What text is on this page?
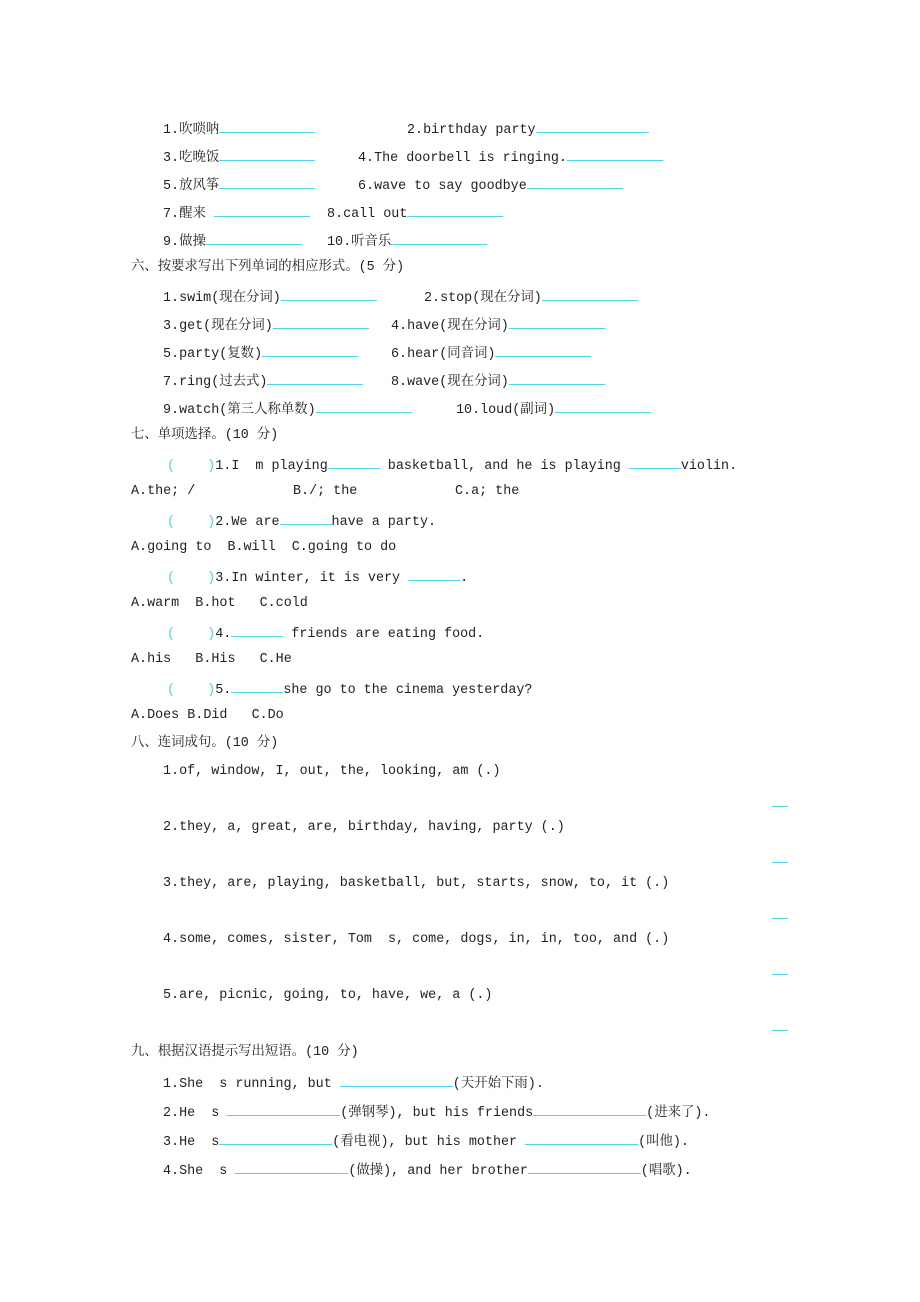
1.吹唢呐	2.birthday party
3.吃晚饭	4.The doorbell is ringing.
5.放风筝	6.wave to say goodbye
7.醒来	8.call out
9.做操	10.听音乐
六、按要求写出下列单词的相应形式。(5 分)
1.swim(现在分词)	2.stop(现在分词)
3.get(现在分词)	4.have(现在分词)
5.party(复数)	6.hear(同音词)
7.ring(过去式)	8.wave(现在分词)
9.watch(第三人称单数)	10.loud(副词)
七、单项选择。(10 分)
( )1.I  m playing	basketball, and he is playing	violin.
A.the; /	B./; the	C.a; the
( )2.We are	have a party.
A.going to B.will C.going to do
( )3.In winter, it is very	.
A.warm B.hot C.cold
( )4.	friends are eating food.
A.his B.His C.He
( )5.	she go to the cinema yesterday?
A.Does B.Did C.Do
八、连词成句。(10 分)
1.of, window, I, out, the, looking, am (.)
2.they, a, great, are, birthday, having, party (.)
3.they, are, playing, basketball, but, starts, snow, to, it (.)
4.some, comes, sister, Tom  s, come, dogs, in, in, too, and (.)
5.are, picnic, going, to, have, we, a (.)
九、根据汉语提示写出短语。(10 分)
1.She  s running, but	(天开始下雨).
2.He  s	(弹钢琴), but his friends	(进来了).
3.He  s	(看电视), but his mother	(叫他).
4.She  s	(做操), and her brother	(唱歌).
